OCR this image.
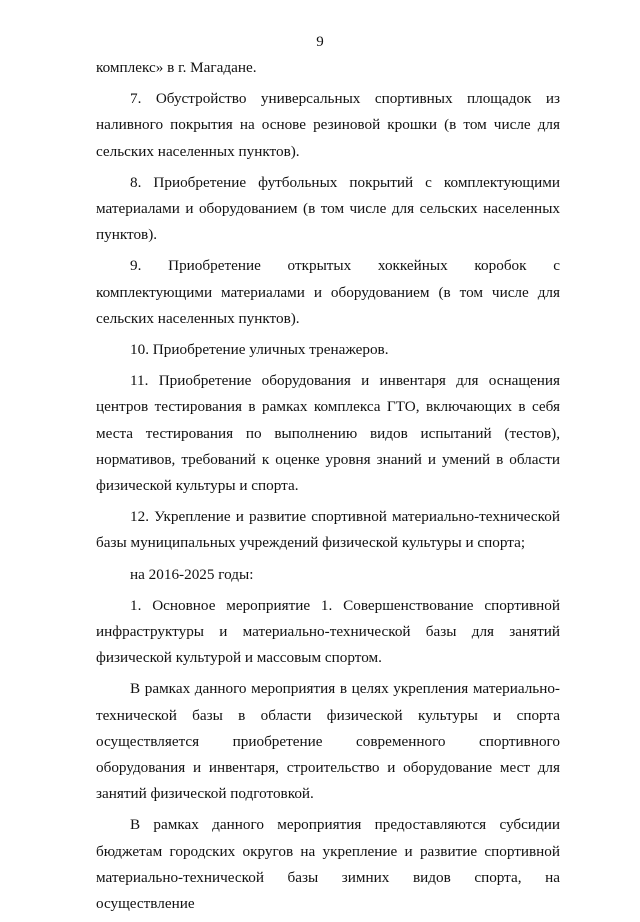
9

комплекс» в г. Магадане.

7. Обустройство универсальных спортивных площадок из наливного покрытия на основе резиновой крошки (в том числе для сельских населенных пунктов).

8. Приобретение футбольных покрытий с комплектующими материалами и оборудованием (в том числе для сельских населенных пунктов).

9. Приобретение открытых хоккейных коробок с комплектующими материалами и оборудованием (в том числе для сельских населенных пунктов).

10. Приобретение уличных тренажеров.

11. Приобретение оборудования и инвентаря для оснащения центров тестирования в рамках комплекса ГТО, включающих в себя места тестирования по выполнению видов испытаний (тестов), нормативов, требований к оценке уровня знаний и умений в области физической культуры и спорта.

12. Укрепление и развитие спортивной материально-технической базы муниципальных учреждений физической культуры и спорта;

на 2016-2025 годы:

1. Основное мероприятие 1. Совершенствование спортивной инфраструктуры и материально-технической базы для занятий физической культурой и массовым спортом.

В рамках данного мероприятия в целях укрепления материально-технической базы в области физической культуры и спорта осуществляется приобретение современного спортивного оборудования и инвентаря, строительство и оборудование мест для занятий физической подготовкой.

В рамках данного мероприятия предоставляются субсидии бюджетам городских округов на укрепление и развитие спортивной материально-технической базы зимних видов спорта, на осуществление
